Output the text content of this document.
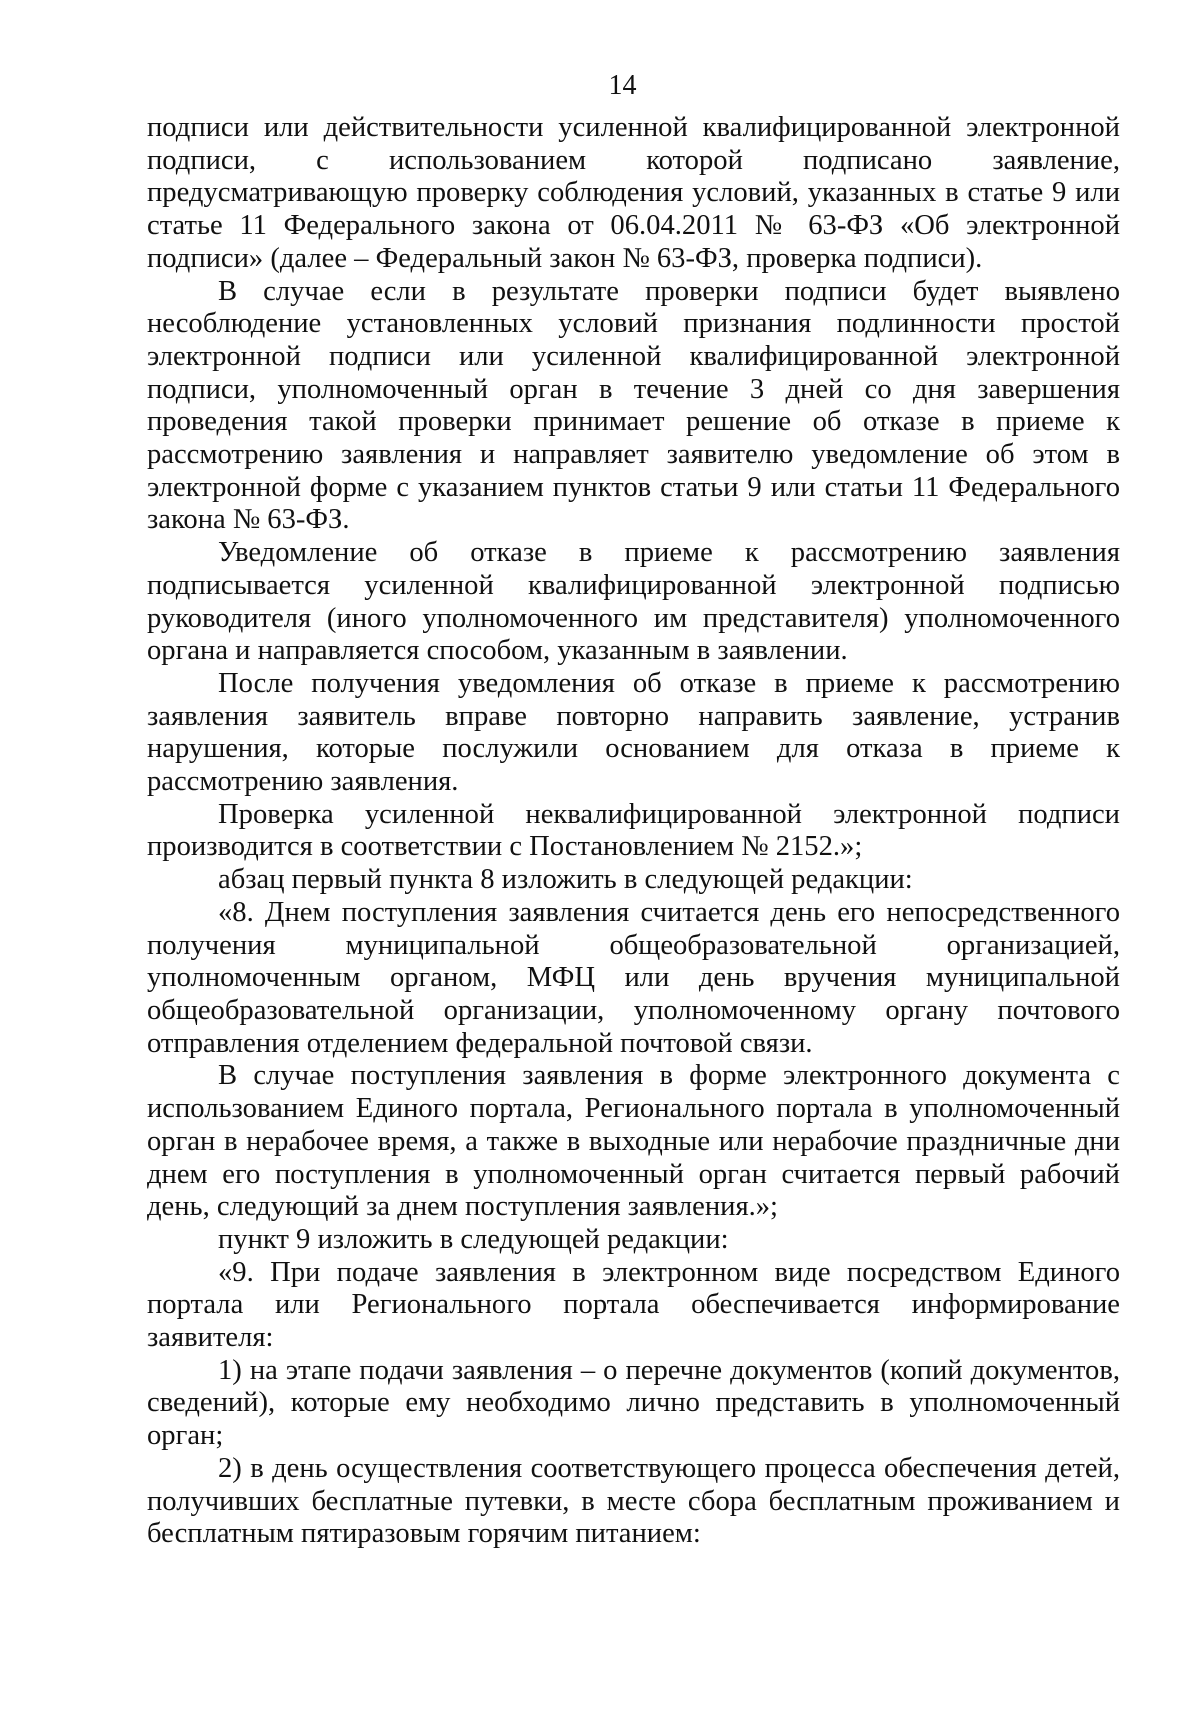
14

подписи или действительности усиленной квалифицированной электронной подписи, с использованием которой подписано заявление, предусматривающую проверку соблюдения условий, указанных в статье 9 или статье 11 Федерального закона от 06.04.2011 № 63-ФЗ «Об электронной подписи» (далее – Федеральный закон № 63-ФЗ, проверка подписи).

В случае если в результате проверки подписи будет выявлено несоблюдение установленных условий признания подлинности простой электронной подписи или усиленной квалифицированной электронной подписи, уполномоченный орган в течение 3 дней со дня завершения проведения такой проверки принимает решение об отказе в приеме к рассмотрению заявления и направляет заявителю уведомление об этом в электронной форме с указанием пунктов статьи 9 или статьи 11 Федерального закона № 63-ФЗ.

Уведомление об отказе в приеме к рассмотрению заявления подписывается усиленной квалифицированной электронной подписью руководителя (иного уполномоченного им представителя) уполномоченного органа и направляется способом, указанным в заявлении.

После получения уведомления об отказе в приеме к рассмотрению заявления заявитель вправе повторно направить заявление, устранив нарушения, которые послужили основанием для отказа в приеме к рассмотрению заявления.

Проверка усиленной неквалифицированной электронной подписи производится в соответствии с Постановлением № 2152.»;

абзац первый пункта 8 изложить в следующей редакции:

«8. Днем поступления заявления считается день его непосредственного получения муниципальной общеобразовательной организацией, уполномоченным органом, МФЦ или день вручения муниципальной общеобразовательной организации, уполномоченному органу почтового отправления отделением федеральной почтовой связи.

В случае поступления заявления в форме электронного документа с использованием Единого портала, Регионального портала в уполномоченный орган в нерабочее время, а также в выходные или нерабочие праздничные дни днем его поступления в уполномоченный орган считается первый рабочий день, следующий за днем поступления заявления.»;

пункт 9 изложить в следующей редакции:

«9. При подаче заявления в электронном виде посредством Единого портала или Регионального портала обеспечивается информирование заявителя:

1) на этапе подачи заявления – о перечне документов (копий документов, сведений), которые ему необходимо лично представить в уполномоченный орган;

2) в день осуществления соответствующего процесса обеспечения детей, получивших бесплатные путевки, в месте сбора бесплатным проживанием и бесплатным пятиразовым горячим питанием:
